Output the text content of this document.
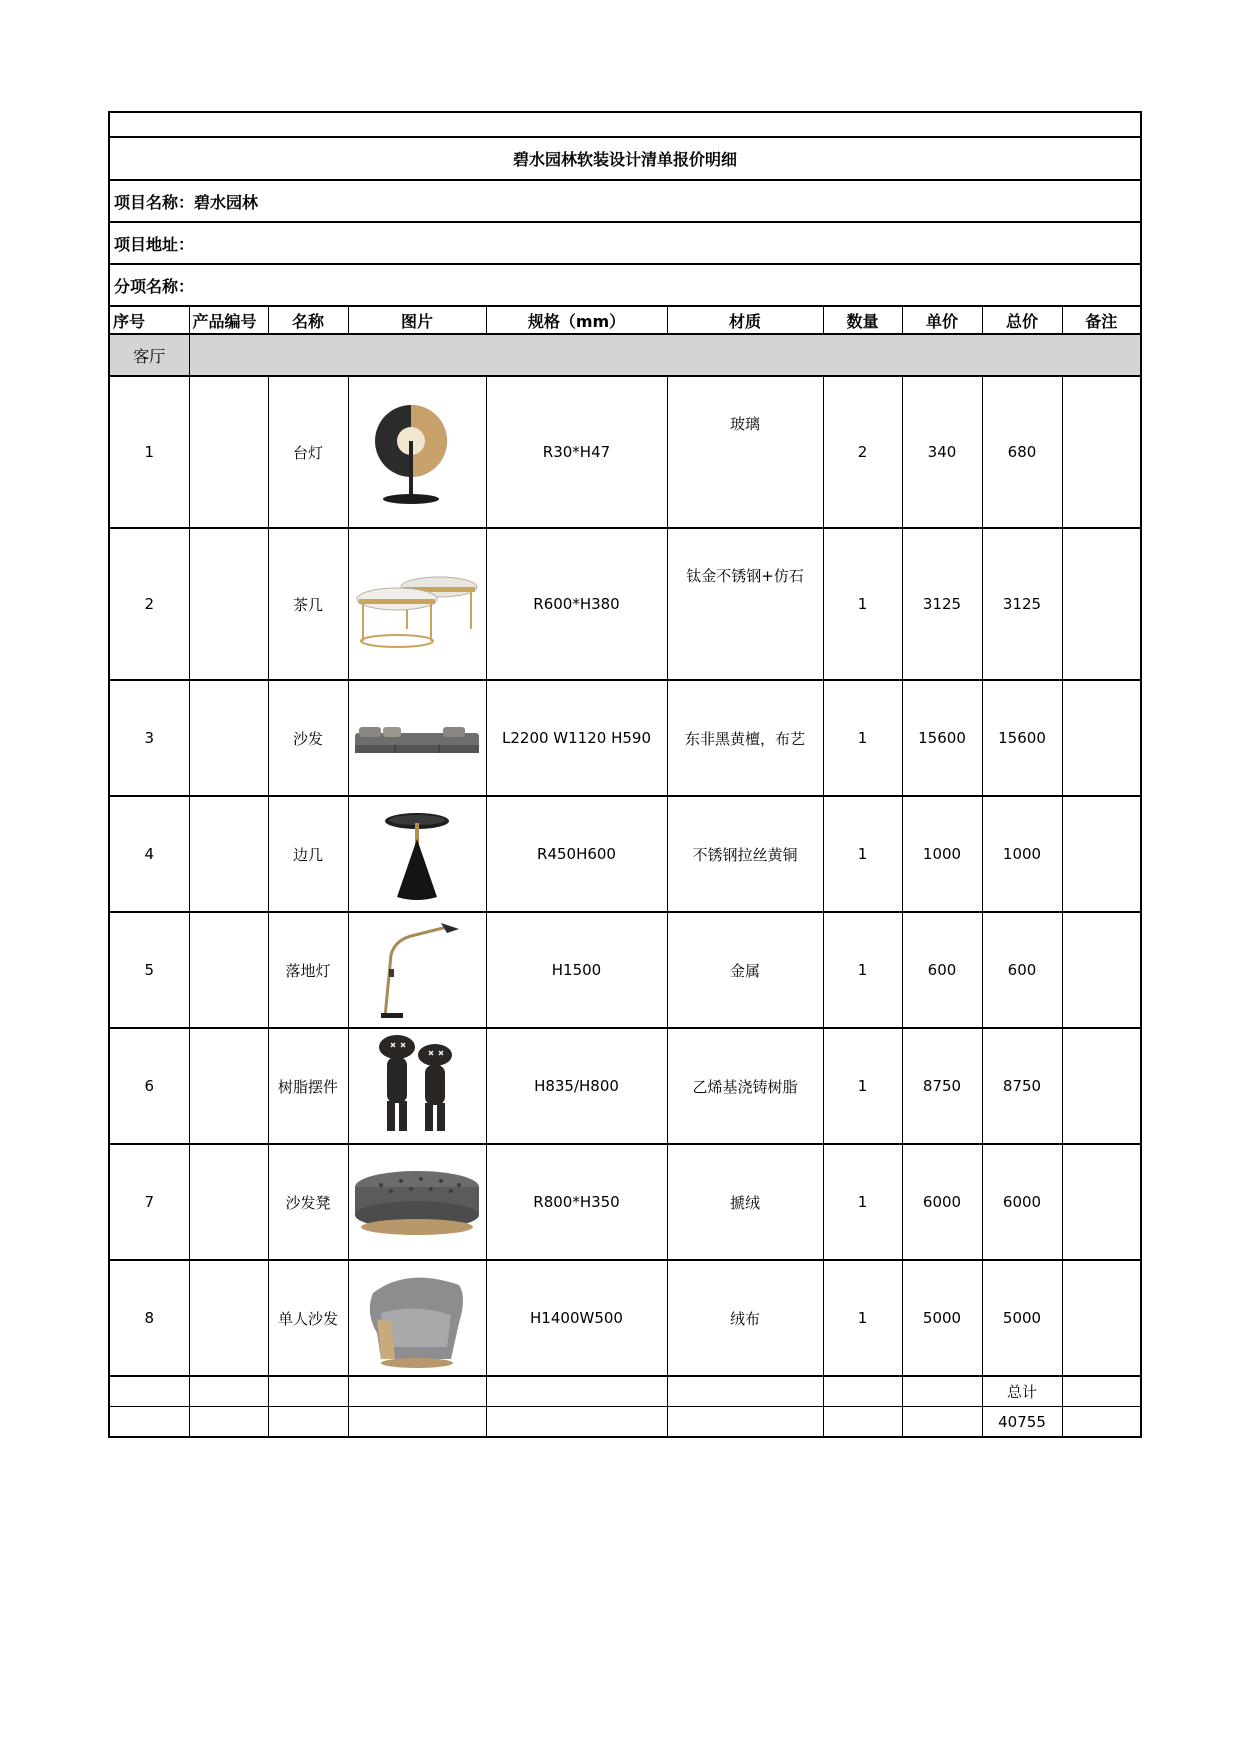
碧水园林软装设计清单报价明细									
项目名称：碧水园林									
项目地址：									
分项名称：									
序号	产品编号	名称	图片	规格（mm）	材质	数量	单价	总价	备注
客厅									
1		台灯		R30*H47	玻璃	2	340	680	
2		茶几		R600*H380	钛金不锈钢+仿石	1	3125	3125	
3		沙发		L2200 W1120 H590	东非黑黄檀，布艺	1	15600	15600	
4		边几		R450H600	不锈钢拉丝黄铜	1	1000	1000	
5		落地灯		H1500	金属	1	600	600	
6		树脂摆件		H835/H800	乙烯基浇铸树脂	1	8750	8750	
7		沙发凳		R800*H350	搋绒	1	6000	6000	
8		单人沙发		H1400W500	绒布	1	5000	5000	
								总计	
								40755	
